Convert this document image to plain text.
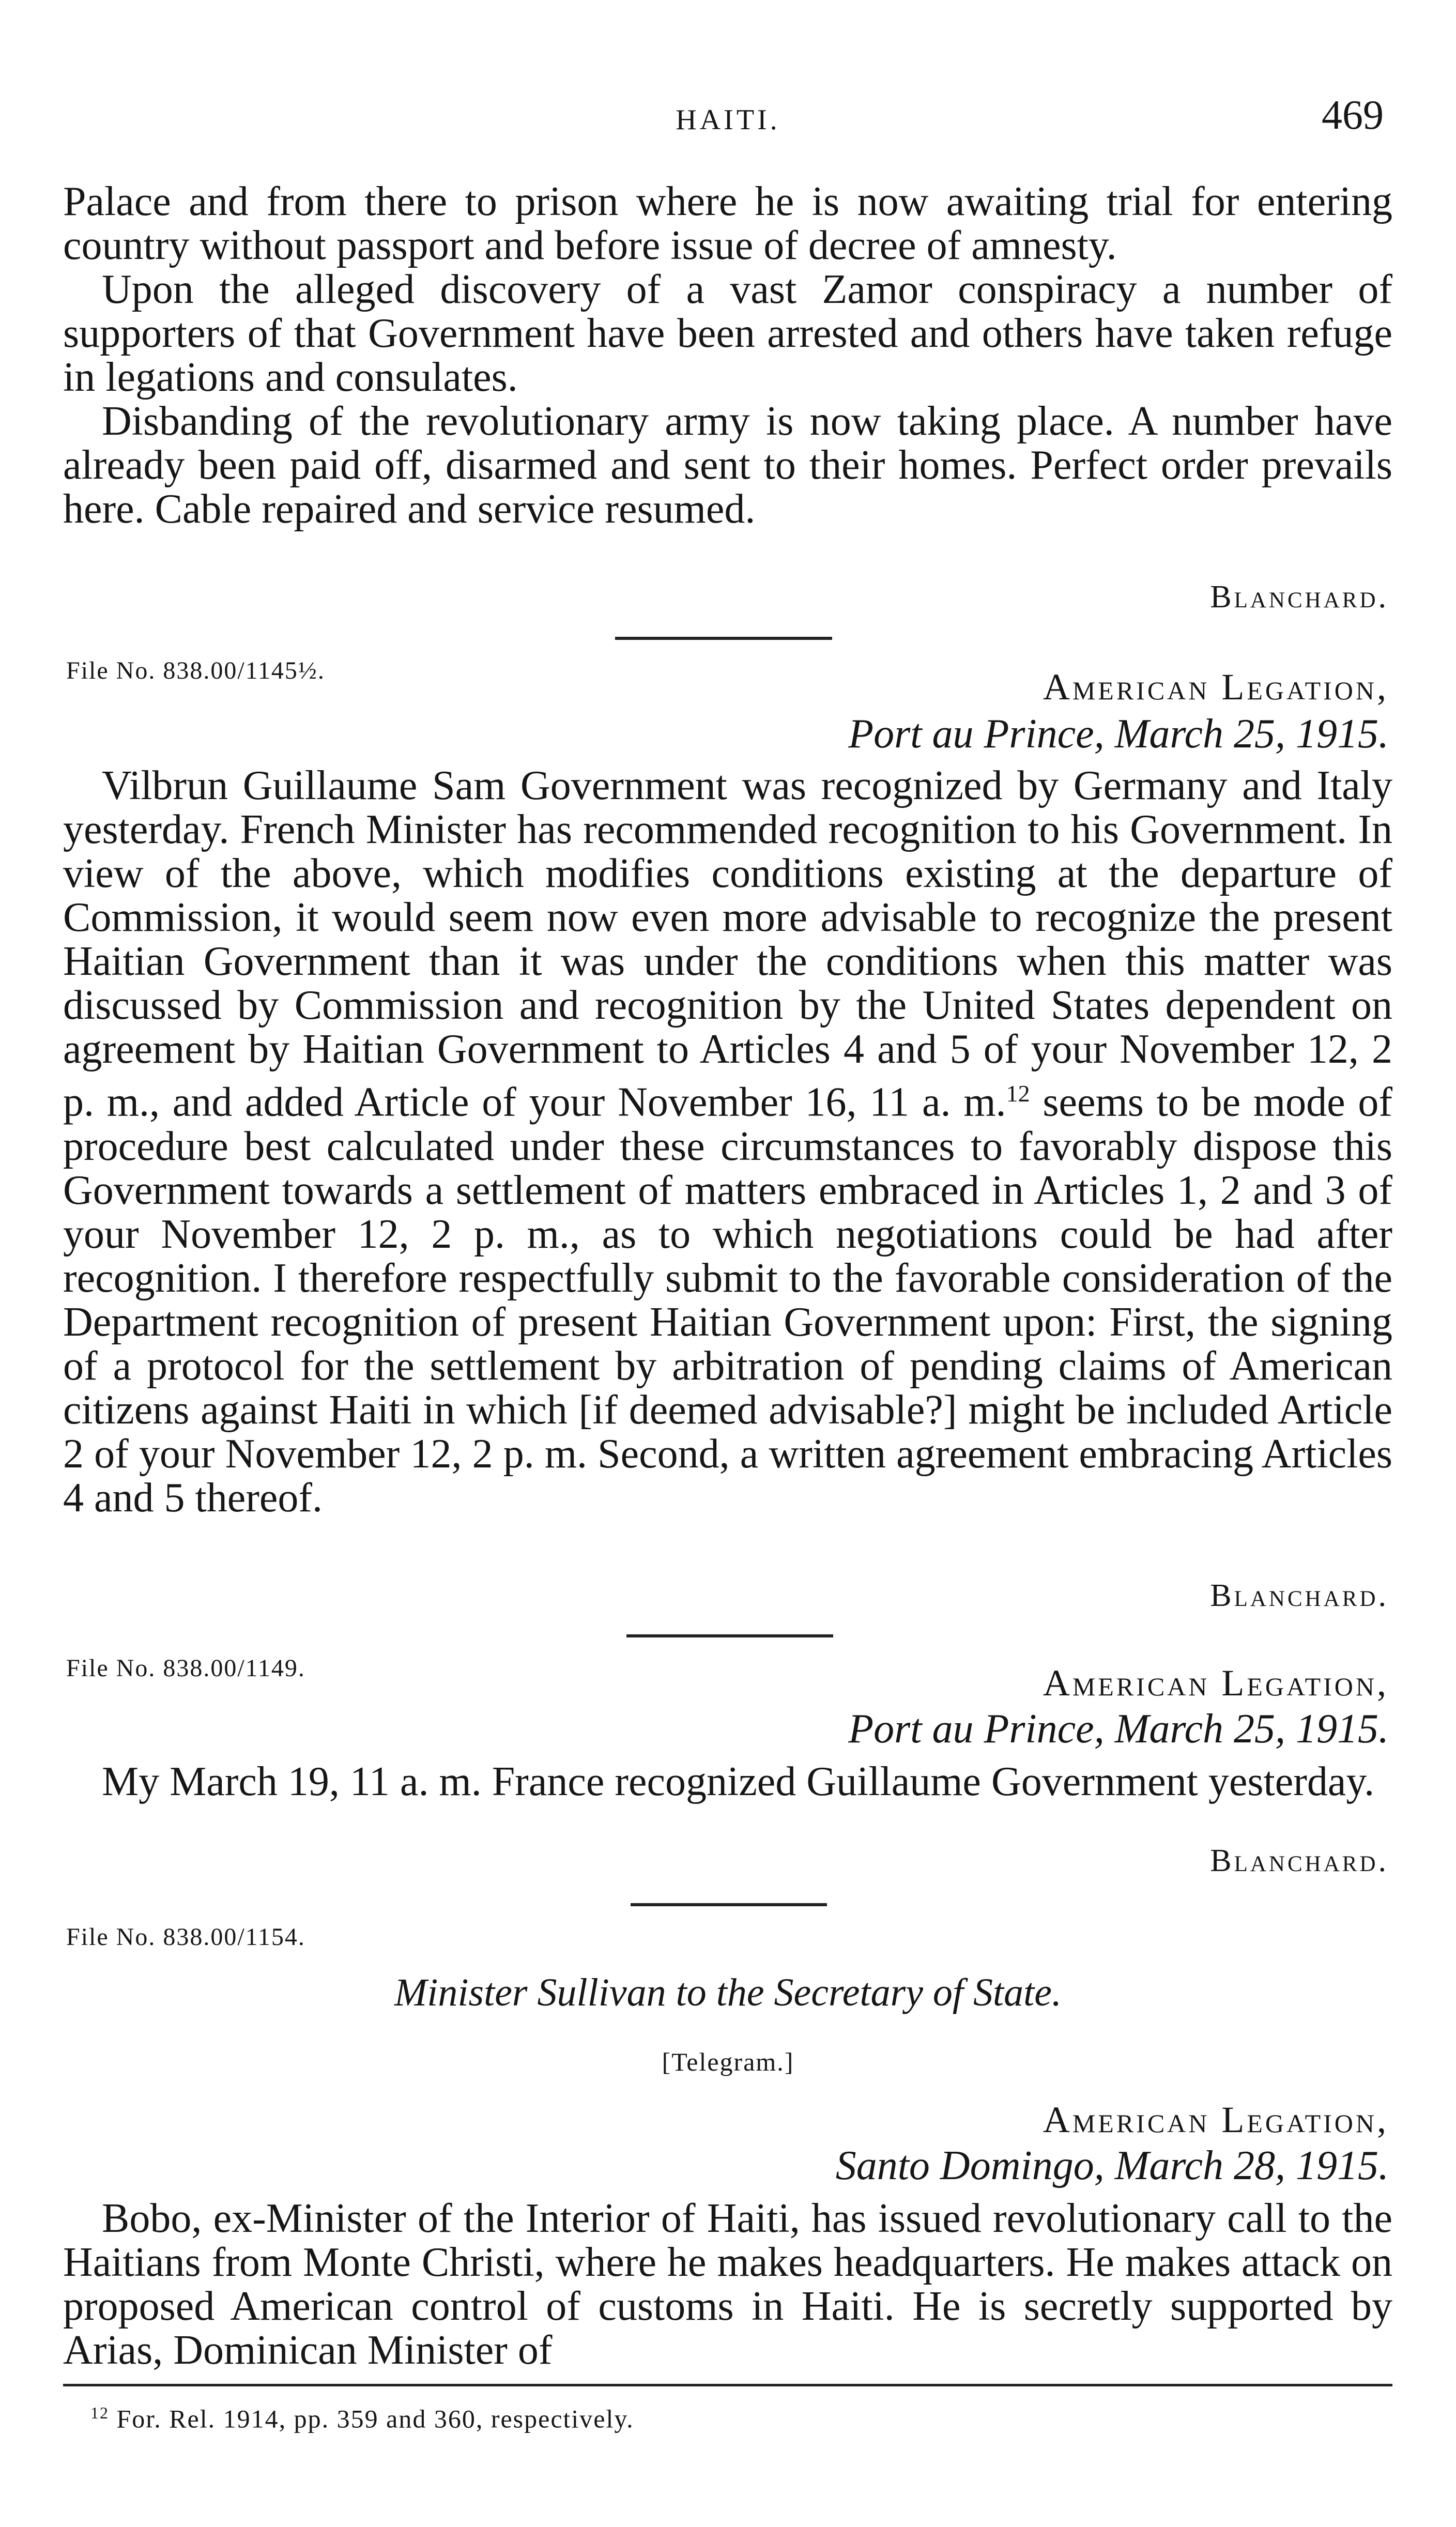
HAITI.	469

Palace and from there to prison where he is now awaiting trial for entering country without passport and before issue of decree of amnesty.

Upon the alleged discovery of a vast Zamor conspiracy a number of supporters of that Government have been arrested and others have taken refuge in legations and consulates.

Disbanding of the revolutionary army is now taking place. A number have already been paid off, disarmed and sent to their homes. Perfect order prevails here. Cable repaired and service resumed.

Blanchard.
File No. 838.00/1145½.	American Legation,
Port au Prince, March 25, 1915.

Vilbrun Guillaume Sam Government was recognized by Germany and Italy yesterday. French Minister has recommended recognition to his Government. In view of the above, which modifies conditions existing at the departure of Commission, it would seem now even more advisable to recognize the present Haitian Government than it was under the conditions when this matter was discussed by Commission and recognition by the United States dependent on agreement by Haitian Government to Articles 4 and 5 of your November 12, 2 p. m., and added Article of your November 16, 11 a. m.$^{12}$ seems to be mode of procedure best calculated under these circumstances to favorably dispose this Government towards a settlement of matters embraced in Articles 1, 2 and 3 of your November 12, 2 p. m., as to which negotiations could be had after recognition. I therefore respectfully submit to the favorable consideration of the Department recognition of present Haitian Government upon: First, the signing of a protocol for the settlement by arbitration of pending claims of American citizens against Haiti in which [if deemed advisable?] might be included Article 2 of your November 12, 2 p. m. Second, a written agreement embracing Articles 4 and 5 thereof.

Blanchard.
File No. 838.00/1149.	American Legation,
Port au Prince, March 25, 1915.

My March 19, 11 a. m. France recognized Guillaume Government yesterday.

Blanchard.
File No. 838.00/1154.
Minister Sullivan to the Secretary of State.
[Telegram.]
American Legation,
Santo Domingo, March 28, 1915.

Bobo, ex-Minister of the Interior of Haiti, has issued revolutionary call to the Haitians from Monte Christi, where he makes headquarters. He makes attack on proposed American control of customs in Haiti. He is secretly supported by Arias, Dominican Minister of

$^{12}$ For. Rel. 1914, pp. 359 and 360, respectively.
